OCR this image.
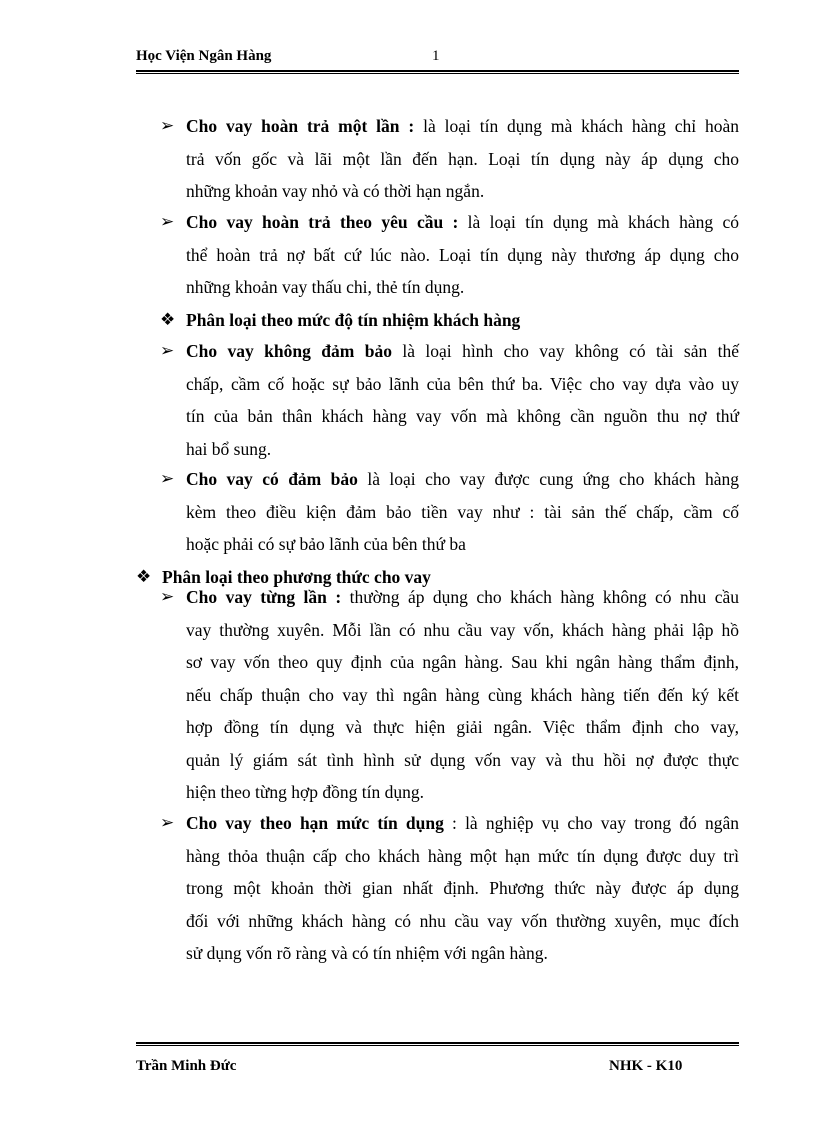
Học Viện Ngân Hàng	1
➢ Cho vay hoàn trả một lần : là loại tín dụng mà khách hàng chỉ hoàn
trả vốn gốc và lãi một lần đến hạn. Loại tín dụng này áp dụng cho
những khoản vay nhỏ và có thời hạn ngắn.
➢ Cho vay hoàn trả theo yêu cầu : là loại tín dụng mà khách hàng có
thể hoàn trả nợ bất cứ lúc nào. Loại tín dụng này thương áp dụng cho
những khoản vay thấu chi, thẻ tín dụng.
❖ Phân loại theo mức độ tín nhiệm khách hàng
➢ Cho vay không đảm bảo là loại hình cho vay không có tài sản thế
chấp, cầm cố hoặc sự bảo lãnh của bên thứ ba. Việc cho vay dựa vào uy
tín của bản thân khách hàng vay vốn mà không cần nguồn thu nợ thứ
hai bổ sung.
➢ Cho vay có đảm bảo là loại cho vay được cung ứng cho khách hàng
kèm theo điều kiện đảm bảo tiền vay như : tài sản thế chấp, cầm cố
hoặc phải có sự bảo lãnh của bên thứ ba
❖ Phân loại theo phương thức cho vay
➢ Cho vay từng lần : thường áp dụng cho khách hàng không có nhu cầu
vay thường xuyên. Mỗi lần có nhu cầu vay vốn, khách hàng phải lập hồ
sơ vay vốn theo quy định của ngân hàng. Sau khi ngân hàng thẩm định,
nếu chấp thuận cho vay thì ngân hàng cùng khách hàng tiến đến ký kết
hợp đồng tín dụng và thực hiện giải ngân. Việc thẩm định cho vay,
quản lý giám sát tình hình sử dụng vốn vay và thu hồi nợ được thực
hiện theo từng hợp đồng tín dụng.
➢ Cho vay theo hạn mức tín dụng : là nghiệp vụ cho vay trong đó ngân
hàng thỏa thuận cấp cho khách hàng một hạn mức tín dụng được duy trì
trong một khoản thời gian nhất định. Phương thức này được áp dụng
đối với những khách hàng có nhu cầu vay vốn thường xuyên, mục đích
sử dụng vốn rõ ràng và có tín nhiệm với ngân hàng.
Trần Minh Đức	NHK - K10
